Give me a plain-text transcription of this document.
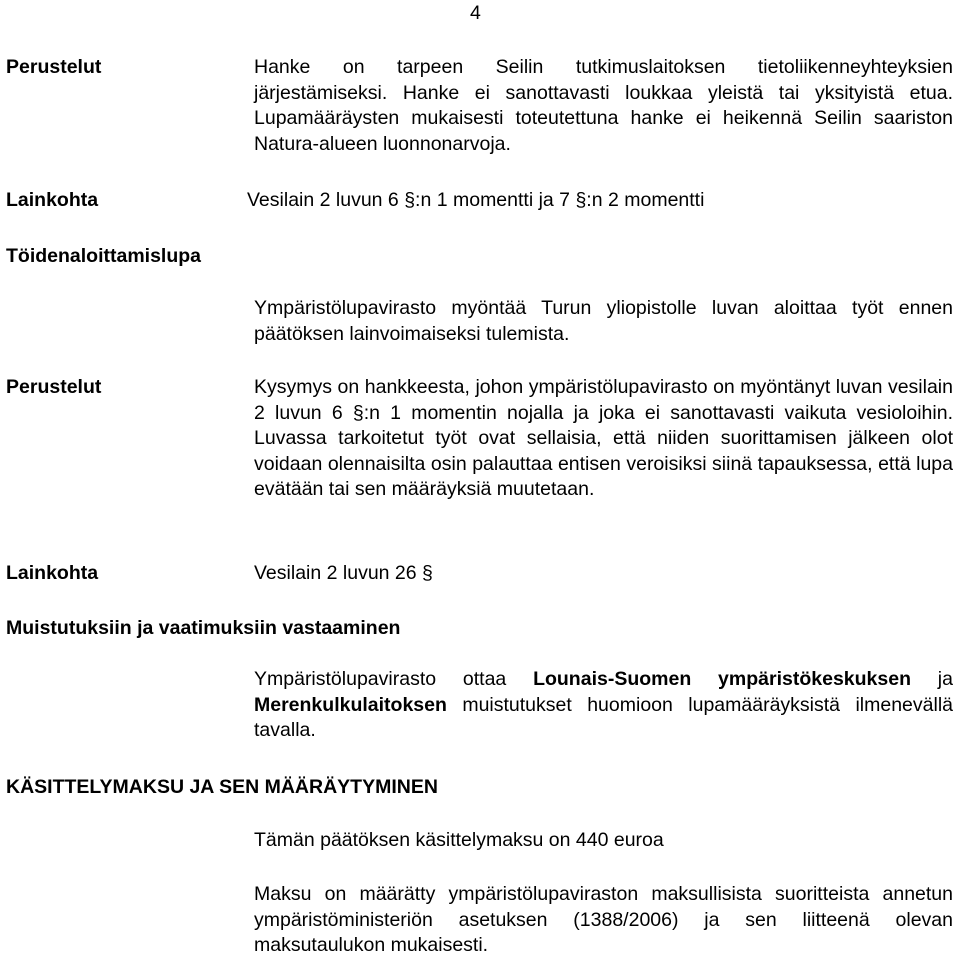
4
Perustelut	Hanke on tarpeen Seilin tutkimuslaitoksen tietoliikenneyhteyksien järjestämiseksi. Hanke ei sanottavasti loukkaa yleistä tai yksityistä etua. Lupamääräysten mukaisesti toteutettuna hanke ei heikennä Seilin saariston Natura-alueen luonnonarvoja.
Lainkohta	Vesilain 2 luvun 6 §:n 1 momentti ja 7 §:n 2 momentti
Töidenaloittamislupa
Ympäristölupavirasto myöntää Turun yliopistolle luvan aloittaa työt ennen päätöksen lainvoimaiseksi tulemista.
Perustelut	Kysymys on hankkeesta, johon ympäristölupavirasto on myöntänyt luvan vesilain 2 luvun 6 §:n 1 momentin nojalla ja joka ei sanottavasti vaikuta vesioloihin. Luvassa tarkoitetut työt ovat sellaisia, että niiden suorittamisen jälkeen olot voidaan olennaisilta osin palauttaa entisen veroisiksi siinä tapauksessa, että lupa evätään tai sen määräyksiä muutetaan.
Lainkohta	Vesilain 2 luvun 26 §
Muistutuksiin ja vaatimuksiin vastaaminen
Ympäristölupavirasto ottaa Lounais-Suomen ympäristökeskuksen ja Merenkulkulaitoksen muistutukset huomioon lupamääräyksistä ilmenevällä tavalla.
KÄSITTELYMAKSU JA SEN MÄÄRÄYTYMINEN
Tämän päätöksen käsittelymaksu on 440 euroa
Maksu on määrätty ympäristölupaviraston maksullisista suoritteista annetun ympäristöministeriön asetuksen (1388/2006) ja sen liitteenä olevan maksutaulukon mukaisesti.
